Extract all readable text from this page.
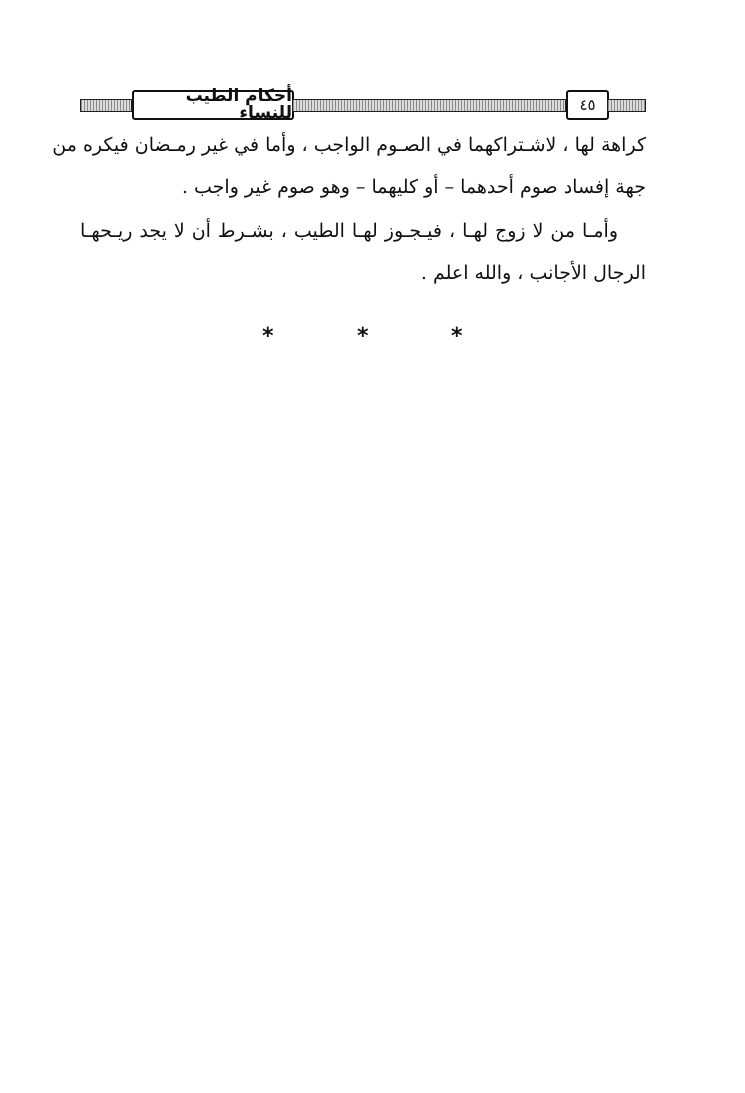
أحكام الطيب للنساء	٤٥

كراهة لها ، لاشـتراكهما في الصـوم الواجب ، وأما في غير رمـضان فيكره من
جهة إفساد صوم أحدهما – أو كليهما – وهو صوم غير واجب .

وأمـا من لا زوج لهـا ، فيـجـوز لهـا الطيب ، بشـرط أن لا يجد ريـحهـا
الرجال الأجانب ، والله اعلم .

*	*	*
